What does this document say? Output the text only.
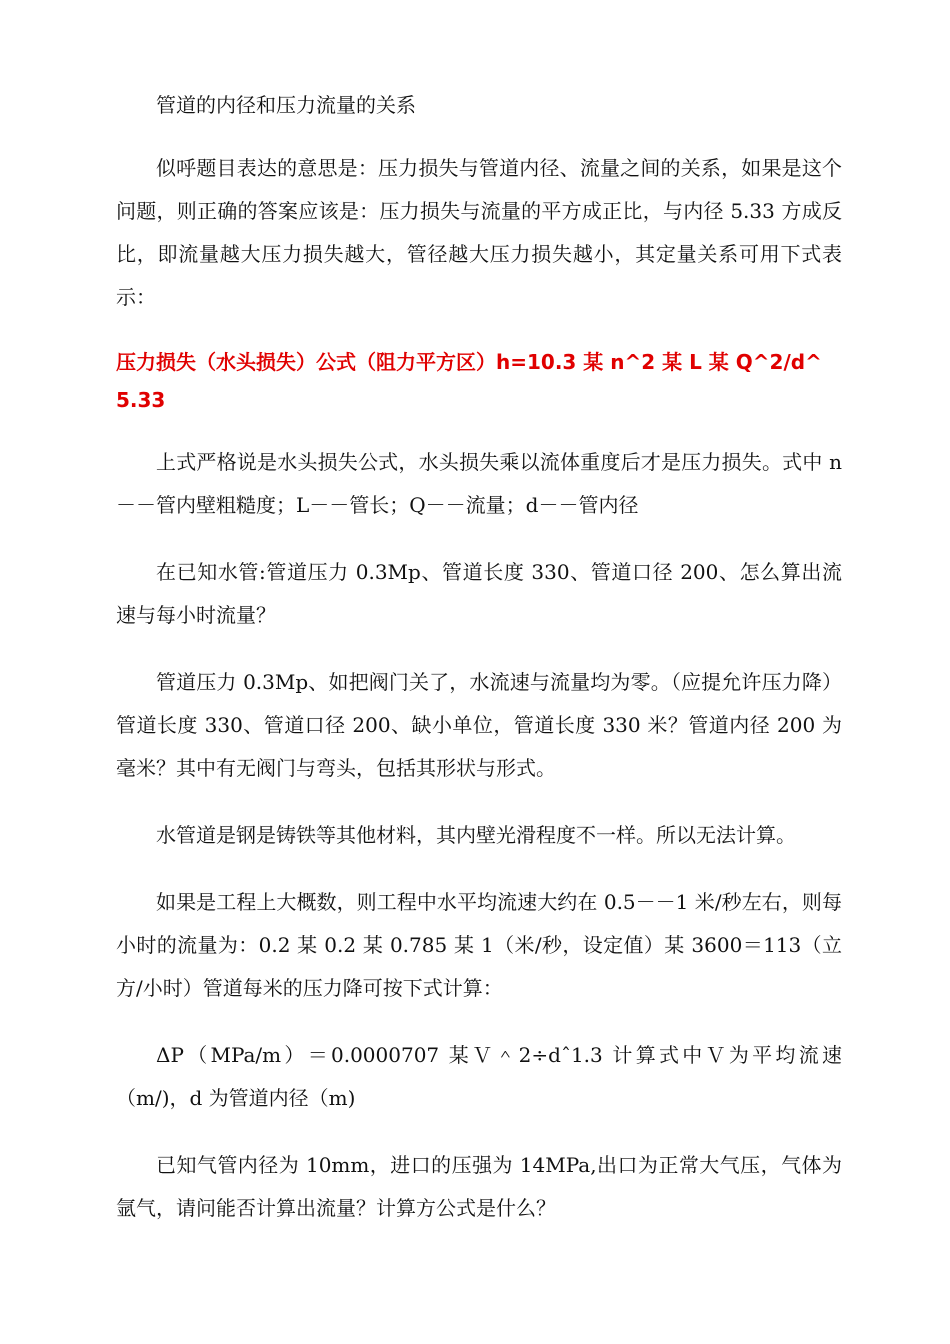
管道的内径和压力流量的关系

似呼题目表达的意思是：压力损失与管道内径、流量之间的关系，如果是这个问题，则正确的答案应该是：压力损失与流量的平方成正比，与内径 5.33 方成反比，即流量越大压力损失越大，管径越大压力损失越小，其定量关系可用下式表示：

压力损失（水头损失）公式（阻力平方区）h=10.3 某 n^2 某 L 某 Q^2/d^5.33

上式严格说是水头损失公式，水头损失乘以流体重度后才是压力损失。式中 n－－管内壁粗糙度；L－－管长；Q－－流量；d－－管内径

在已知水管:管道压力 0.3Mp、管道长度 330、管道口径 200、怎么算出流速与每小时流量？

管道压力 0.3Mp、如把阀门关了，水流速与流量均为零。（应提允许压力降）管道长度 330、管道口径 200、缺小单位，管道长度 330 米？管道内径 200 为毫米？其中有无阀门与弯头，包括其形状与形式。

水管道是钢是铸铁等其他材料，其内壁光滑程度不一样。所以无法计算。

如果是工程上大概数，则工程中水平均流速大约在 0.5－－1 米/秒左右，则每小时的流量为：0.2 某 0.2 某 0.785 某 1（米/秒，设定值）某 3600＝113（立方/小时）管道每米的压力降可按下式计算：

ΔP（MPa/m）＝0.0000707 某Ｖ＾2÷dˆ1.3 计算式中Ｖ为平均流速（m/)，d 为管道内径（m)

已知气管内径为 10mm，进口的压强为 14MPa,出口为正常大气压，气体为氩气，请问能否计算出流量？计算方公式是什么？
